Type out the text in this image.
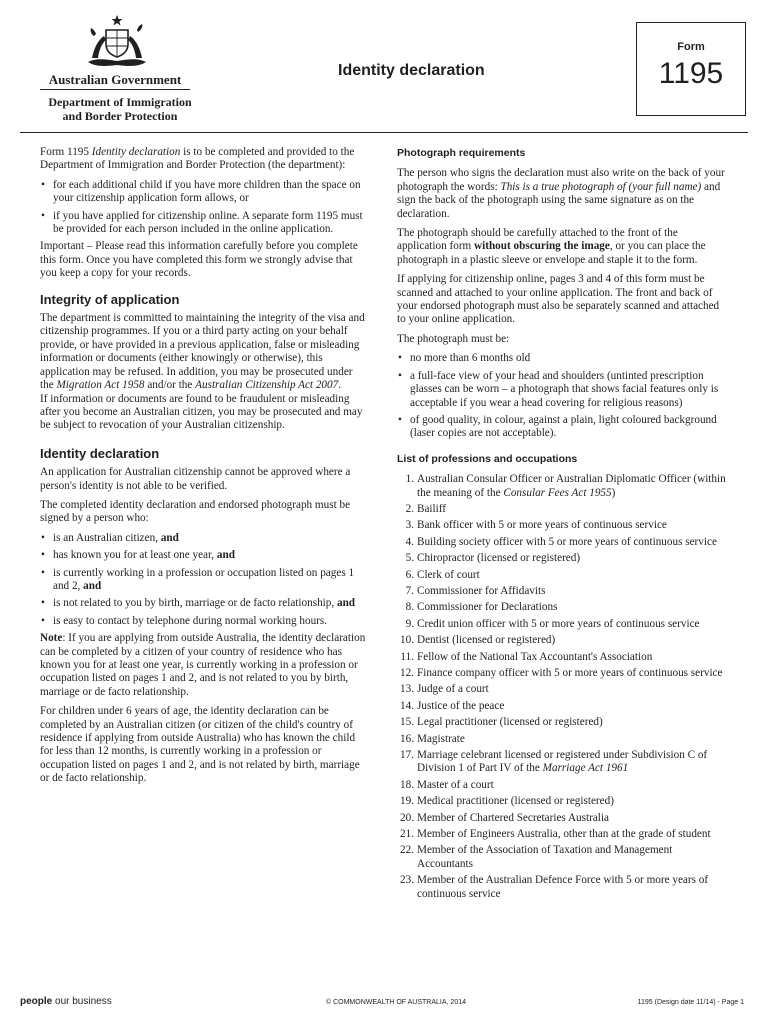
Australian Government
Department of Immigration
and Border Protection
Identity declaration
Form
1195

Form 1195 Identity declaration is to be completed and provided to the Department of Immigration and Border Protection (the department):

• for each additional child if you have more children than the space on your citizenship application form allows, or
• if you have applied for citizenship online. A separate form 1195 must be provided for each person included in the online application.

Important – Please read this information carefully before you complete this form. Once you have completed this form we strongly advise that you keep a copy for your records.

Integrity of application

The department is committed to maintaining the integrity of the visa and citizenship programmes. If you or a third party acting on your behalf provide, or have provided in a previous application, false or misleading information or documents (either knowingly or otherwise), this application may be refused. In addition, you may be prosecuted under the Migration Act 1958 and/or the Australian Citizenship Act 2007.

If information or documents are found to be fraudulent or misleading after you become an Australian citizen, you may be prosecuted and may be subject to revocation of your Australian citizenship.

Identity declaration

An application for Australian citizenship cannot be approved where a person's identity is not able to be verified.

The completed identity declaration and endorsed photograph must be signed by a person who:

• is an Australian citizen, and
• has known you for at least one year, and
• is currently working in a profession or occupation listed on pages 1 and 2, and
• is not related to you by birth, marriage or de facto relationship, and
• is easy to contact by telephone during normal working hours.

Note: If you are applying from outside Australia, the identity declaration can be completed by a citizen of your country of residence who has known you for at least one year, is currently working in a profession or occupation listed on pages 1 and 2, and is not related to you by birth, marriage or de facto relationship.

For children under 6 years of age, the identity declaration can be completed by an Australian citizen (or citizen of the child's country of residence if applying from outside Australia) who has known the child for less than 12 months, is currently working in a profession or occupation listed on pages 1 and 2, and is not related by birth, marriage or de facto relationship.

Photograph requirements

The person who signs the declaration must also write on the back of your photograph the words: This is a true photograph of (your full name) and sign the back of the photograph using the same signature as on the declaration.

The photograph should be carefully attached to the front of the application form without obscuring the image, or you can place the photograph in a plastic sleeve or envelope and staple it to the form.

If applying for citizenship online, pages 3 and 4 of this form must be scanned and attached to your online application. The front and back of your endorsed photograph must also be separately scanned and attached to your online application.

The photograph must be:

• no more than 6 months old
• a full-face view of your head and shoulders (untinted prescription glasses can be worn – a photograph that shows facial features only is acceptable if you wear a head covering for religious reasons)
• of good quality, in colour, against a plain, light coloured background (laser copies are not acceptable).
List of professions and occupations
1. Australian Consular Officer or Australian Diplomatic Officer (within the meaning of the Consular Fees Act 1955)
2. Bailiff
3. Bank officer with 5 or more years of continuous service
4. Building society officer with 5 or more years of continuous service
5. Chiropractor (licensed or registered)
6. Clerk of court
7. Commissioner for Affidavits
8. Commissioner for Declarations
9. Credit union officer with 5 or more years of continuous service
10. Dentist (licensed or registered)
11. Fellow of the National Tax Accountant's Association
12. Finance company officer with 5 or more years of continuous service
13. Judge of a court
14. Justice of the peace
15. Legal practitioner (licensed or registered)
16. Magistrate
17. Marriage celebrant licensed or registered under Subdivision C of Division 1 of Part IV of the Marriage Act 1961
18. Master of a court
19. Medical practitioner (licensed or registered)
20. Member of Chartered Secretaries Australia
21. Member of Engineers Australia, other than at the grade of student
22. Member of the Association of Taxation and Management Accountants
23. Member of the Australian Defence Force with 5 or more years of continuous service
people our business	© COMMONWEALTH OF AUSTRALIA, 2014	1195 (Design date 11/14) - Page 1
